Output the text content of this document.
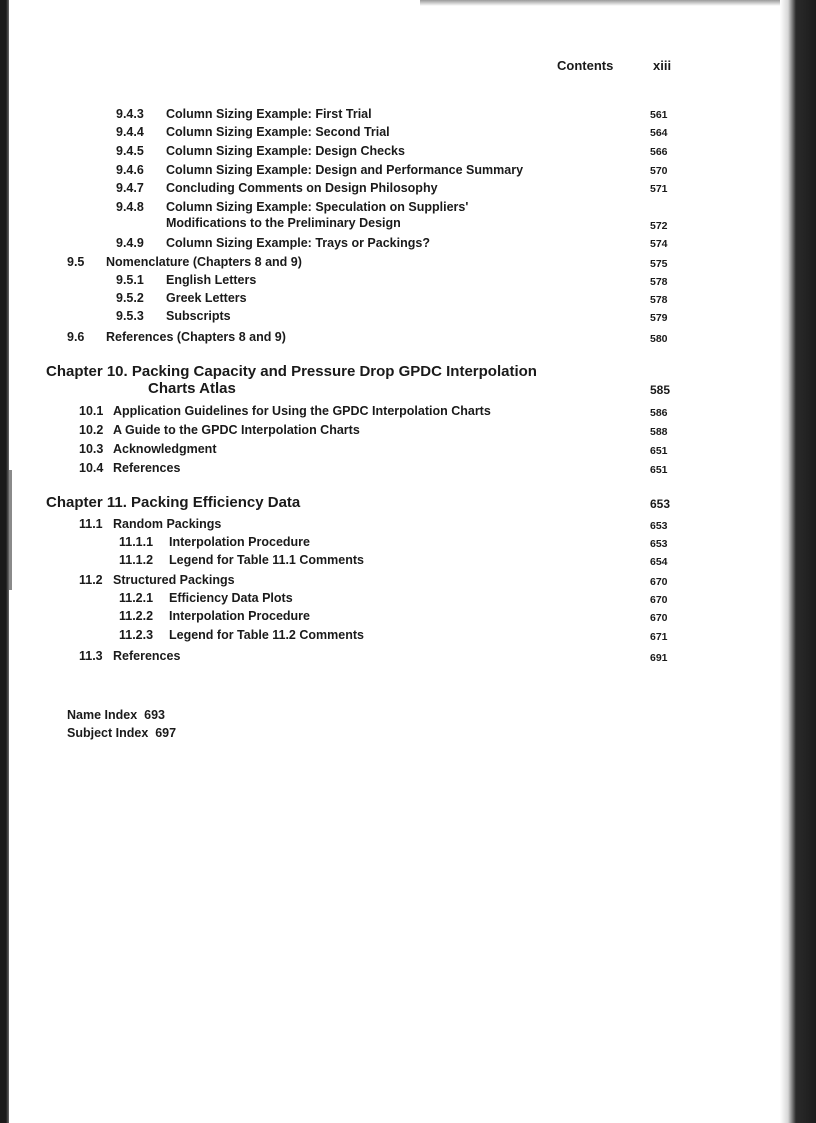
Contents	xiii
9.4.3 Column Sizing Example: First Trial	561
9.4.4 Column Sizing Example: Second Trial	564
9.4.5 Column Sizing Example: Design Checks	566
9.4.6 Column Sizing Example: Design and Performance Summary	570
9.4.7 Concluding Comments on Design Philosophy	571
9.4.8 Column Sizing Example: Speculation on Suppliers'
Modifications to the Preliminary Design	572
9.4.9 Column Sizing Example: Trays or Packings?	574
9.5 Nomenclature (Chapters 8 and 9)	575
9.5.1 English Letters	578
9.5.2 Greek Letters	578
9.5.3 Subscripts	579
9.6 References (Chapters 8 and 9)	580
Chapter 10. Packing Capacity and Pressure Drop GPDC Interpolation
Charts Atlas	585
10.1 Application Guidelines for Using the GPDC Interpolation Charts	586
10.2 A Guide to the GPDC Interpolation Charts	588
10.3 Acknowledgment	651
10.4 References	651
Chapter 11. Packing Efficiency Data	653
11.1 Random Packings	653
11.1.1 Interpolation Procedure	653
11.1.2 Legend for Table 11.1 Comments	654
11.2 Structured Packings	670
11.2.1 Efficiency Data Plots	670
11.2.2 Interpolation Procedure	670
11.2.3 Legend for Table 11.2 Comments	671
11.3 References	691
Name Index 693
Subject Index 697
